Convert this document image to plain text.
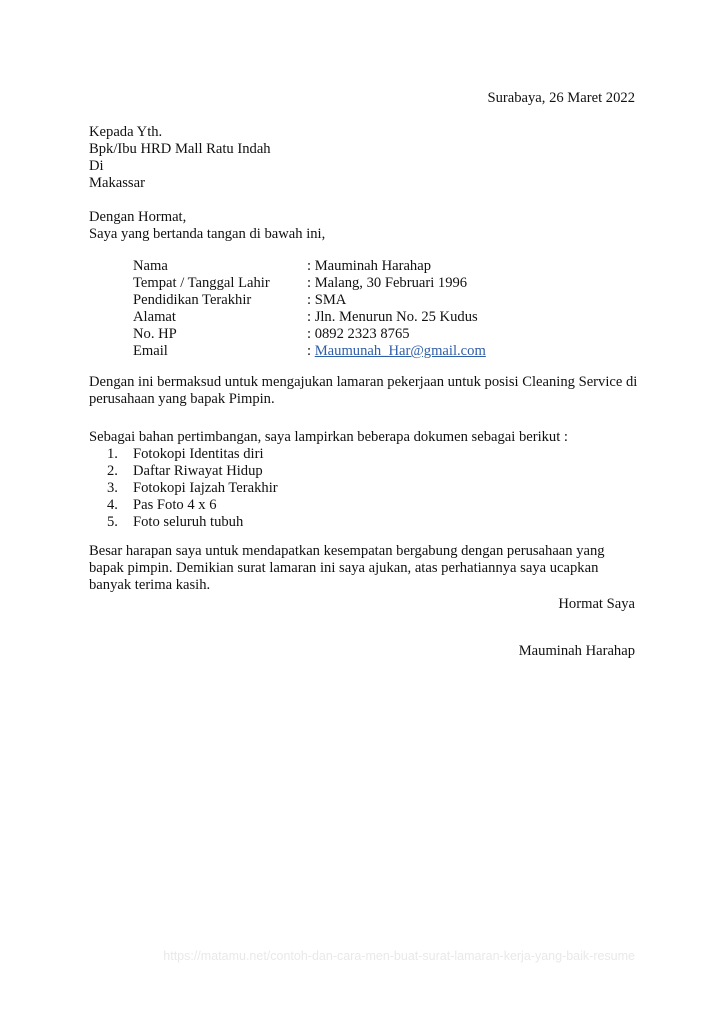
Surabaya, 26 Maret 2022
Kepada Yth.
Bpk/Ibu HRD Mall Ratu Indah
Di
Makassar
Dengan Hormat,
Saya yang bertanda tangan di bawah ini,
Nama	: Mauminah Harahap
Tempat / Tanggal Lahir	: Malang, 30 Februari 1996
Pendidikan Terakhir	: SMA
Alamat	: Jln. Menurun No. 25 Kudus
No. HP	: 0892 2323 8765
Email	: Maumunah_Har@gmail.com
Dengan ini bermaksud untuk mengajukan lamaran pekerjaan untuk posisi Cleaning Service di perusahaan yang bapak Pimpin.
Sebagai bahan pertimbangan, saya lampirkan beberapa dokumen sebagai berikut :
1. Fotokopi Identitas diri
2. Daftar Riwayat Hidup
3. Fotokopi Iajzah Terakhir
4. Pas Foto 4 x 6
5. Foto seluruh tubuh
Besar harapan saya untuk mendapatkan kesempatan bergabung dengan perusahaan yang bapak pimpin. Demikian surat lamaran ini saya ajukan, atas perhatiannya saya ucapkan banyak terima kasih.
Hormat Saya
Mauminah Harahap
https://matamu.net/contoh-dan-cara-men-buat-surat-lamaran-kerja-yang-baik-resume
